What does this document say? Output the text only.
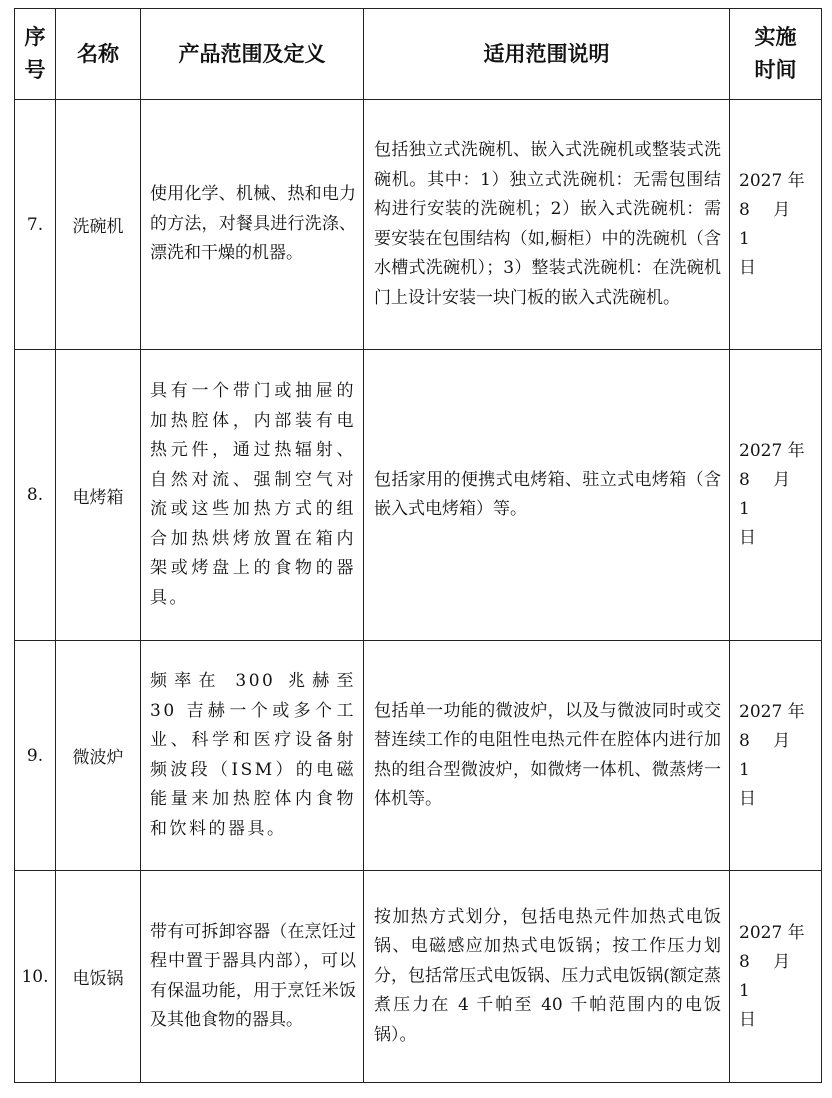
序
号	名称	产品范围及定义	适用范围说明	实施
时间
7.	洗碗机	使用化学、机械、热和电力的方法，对餐具进行洗涤、漂洗和干燥的机器。	包括独立式洗碗机、嵌入式洗碗机或整装式洗碗机。其中：1）独立式洗碗机：无需包围结构进行安装的洗碗机；2）嵌入式洗碗机：需要安装在包围结构（如,橱柜）中的洗碗机（含水槽式洗碗机）；3）整装式洗碗机：在洗碗机门上设计安装一块门板的嵌入式洗碗机。	2027 年
8 月 1
日

8.	电烤箱	具有一个带门或抽屉的加热腔体，内部装有电热元件，通过热辐射、自然对流、强制空气对流或这些加热方式的组合加热烘烤放置在箱内架或烤盘上的食物的器具。	包括家用的便携式电烤箱、驻立式电烤箱（含嵌入式电烤箱）等。	2027 年
8 月 1
日

9.	微波炉	频率在 300 兆赫至 30 吉赫一个或多个工业、科学和医疗设备射频波段（ISM）的电磁能量来加热腔体内食物和饮料的器具。	包括单一功能的微波炉，以及与微波同时或交替连续工作的电阻性电热元件在腔体内进行加热的组合型微波炉，如微烤一体机、微蒸烤一体机等。	2027 年
8 月 1
日

10.	电饭锅	带有可拆卸容器（在烹饪过程中置于器具内部），可以有保温功能，用于烹饪米饭及其他食物的器具。	按加热方式划分，包括电热元件加热式电饭锅、电磁感应加热式电饭锅；按工作压力划分，包括常压式电饭锅、压力式电饭锅(额定蒸煮压力在 4 千帕至 40 千帕范围内的电饭锅）。	2027 年
8 月 1
日
